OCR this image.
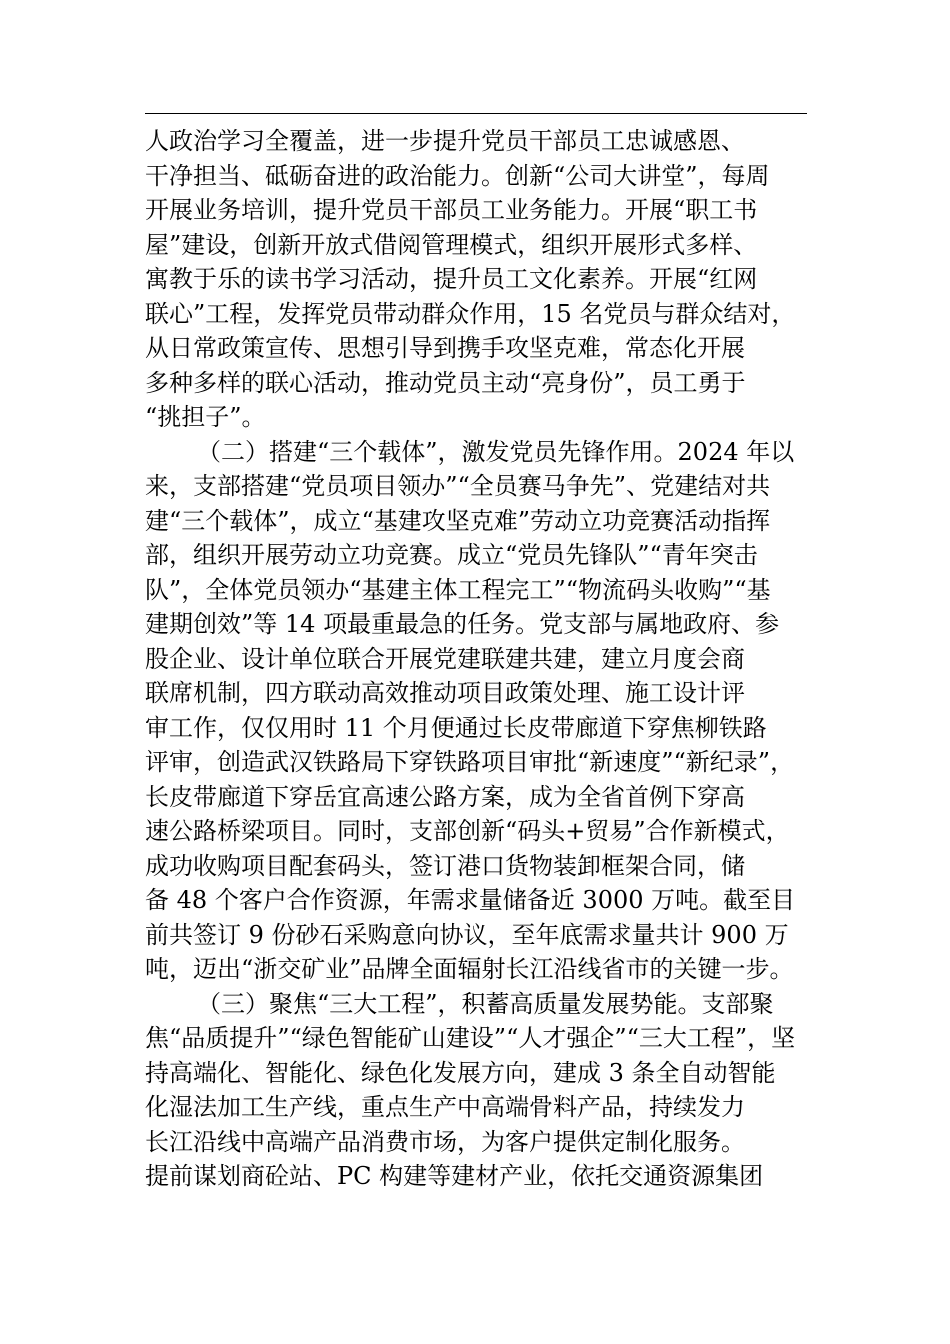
人政治学习全覆盖，进一步提升党员干部员工忠诚感恩、
干净担当、砥砺奋进的政治能力。创新“公司大讲堂”，每周
开展业务培训，提升党员干部员工业务能力。开展“职工书
屋”建设，创新开放式借阅管理模式，组织开展形式多样、
寓教于乐的读书学习活动，提升员工文化素养。开展“红网
联心”工程，发挥党员带动群众作用，15 名党员与群众结对，
从日常政策宣传、思想引导到携手攻坚克难，常态化开展
多种多样的联心活动，推动党员主动“亮身份”，员工勇于
“挑担子”。
（二）搭建“三个载体”，激发党员先锋作用。2024 年以
来，支部搭建“党员项目领办”“全员赛马争先”、党建结对共
建“三个载体”，成立“基建攻坚克难”劳动立功竞赛活动指挥
部，组织开展劳动立功竞赛。成立“党员先锋队”“青年突击
队”，全体党员领办“基建主体工程完工”“物流码头收购”“基
建期创效”等 14 项最重最急的任务。党支部与属地政府、参
股企业、设计单位联合开展党建联建共建，建立月度会商
联席机制，四方联动高效推动项目政策处理、施工设计评
审工作，仅仅用时 11 个月便通过长皮带廊道下穿焦柳铁路
评审，创造武汉铁路局下穿铁路项目审批“新速度”“新纪录”，
长皮带廊道下穿岳宜高速公路方案，成为全省首例下穿高
速公路桥梁项目。同时，支部创新“码头+贸易”合作新模式，
成功收购项目配套码头，签订港口货物装卸框架合同，储
备 48 个客户合作资源，年需求量储备近 3000 万吨。截至目
前共签订 9 份砂石采购意向协议，至年底需求量共计 900 万
吨，迈出“浙交矿业”品牌全面辐射长江沿线省市的关键一步。
（三）聚焦“三大工程”，积蓄高质量发展势能。支部聚
焦“品质提升”“绿色智能矿山建设”“人才强企”“三大工程”，坚
持高端化、智能化、绿色化发展方向，建成 3 条全自动智能
化湿法加工生产线，重点生产中高端骨料产品，持续发力
长江沿线中高端产品消费市场，为客户提供定制化服务。
提前谋划商砼站、PC 构建等建材产业，依托交通资源集团
